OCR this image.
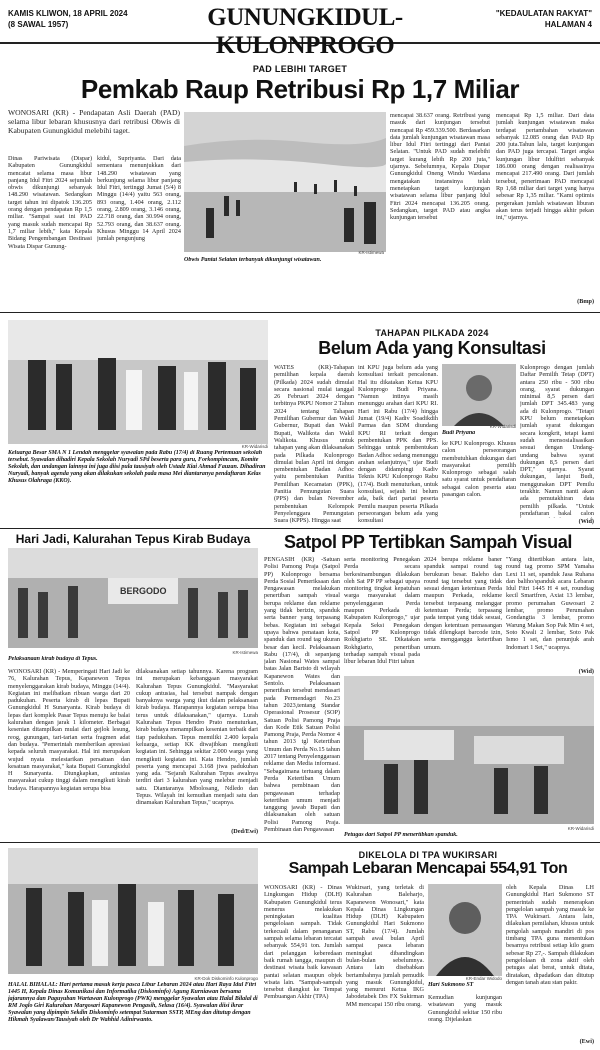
KAMIS KLIWON, 18 APRIL 2024
(8 SAWAL 1957)	GUNUNGKIDUL-KULONPROGO
"KEDAULATAN RAKYAT"
HALAMAN 4
PAD LEBIHI TARGET
Pemkab Raup Retribusi Rp 1,7 Miliar
WONOSARI (KR) - Pendapatan Asli Daerah (PAD) selama libur lebaran khususnya dari retribusi Obwis di Kabupaten Gunungkidul melebihi taget.
Dinas Pariwisata (Dispar) Kabupaten Gunungkidul mencatat selama masa libur panjang Idul Fitri 2024 sejumlah obwis dikunjungi sebanyak 148.290 wisatawan. Sedangkan target tahun ini dipatok 136.205 orang dengan pendapatan Rp 1,5 miliar. "Sampai saat ini PAD yang masuk sudah mencapai Rp 1,7 miliar lebih," kata Kepala Bidang Pengembangan Destinasi Wisata Dispar Gunung-
kidul, Supriyanta. Dari data sementara menunjukkan dari 148.290 wisatawan yang berkunjung selama libur panjang Idul Fitri, tertinggi Jumat (5/4) 8 Minggu (14/4) yaitu 563 orang, 893 orang, 1.404 orang, 2.112 orang, 2.809 orang, 3.146 orang, 22.718 orang, dan 30.994 orang, 52.793 orang, dan 38.637 orang. Khusus Minggu 14 April 2024 jumlah pengunjung
Obwis Pantai Selatan terbanyak dikunjungi wisatawan.
KR-Istimewa
mencapai 38.637 orang. Retribusi yang masuk dari kunjungan tersebut mencapai Rp 459.339.500. Berdasarkan data jumlah kunjungan wisatawan masa libur Idul Fitri tertinggi dari Pantai Selatan. "Untuk PAD sudah melebihi target kurang lebih Rp 200 juta," ujarnya. Sebelumnya, Kepala Dispar Gunungkidul Oneng Windu Wardana mengatakan instansinya telah menetapkan target kunjungan wisatawan selama libur panjang Idul Fitri 2024 mencapai 136.205 orang. Sedangkan, target PAD atau angka kunjungan tersebut
mencapai Rp 1,5 miliar. Dari data jumlah kunjungan wisatawan maka terdapat pertambahan wisatawan sebanyak 12.085 orang dan PAD Rp 200 juta.Tahun lalu, target kunjungan dan PAD juga tercapai. Target angka kunjungan libur Idulfitri sebanyak 186.000 orang dengan realisasinya mencapai 217.490 orang. Dari jumlah tersebut, penerimaan PAD mencapai Rp 1,68 miliar dari target yang hanya sebesar Rp 1,35 miliar. "Kami optimis pergerakan jumlah wisatawan liburan akan terus terjadi hingga akhir pekan ini," ujarnya.
(Bmp)
KR-Widarisdi
Keluarga Besar SMA N 1 Lendah menggelar syawalan pada Rabu (17/4) di Ruang Pertemuan sekolah tersebut. Syawalan dihadiri Kepala Sekolah Nuryadi SPd beserta para guru, Forkompimcam, Komite Sekolah, dan undangan lainnya ini juga diisi pula tausiyah oleh Ustadz Kiai Ahmad Fauzan. Dihadiran Nuryadi, banyak agenda yang akan dilakukan sekolah pada masa Mei diantaranya pendaftaran Kelas Khusus Olahraga (KKO).
TAHAPAN PILKADA 2024
Belum Ada yang Konsultasi
WATES (KR)-Tahapan pemilihan kepala daerah (Pilkada) 2024 sudah dimulai secara nasional mulai tanggal 26 Februari 2024 dengan terbitnya PKPU Nomor 2 Tahun 2024 tentang Tahapan Pemilihan Gubernur dan Wakil Gubernur, Bupati dan Wakil Bupati, Walikota dan Wakil Walikota. Khusus untuk tahapan yang akan dilaksanakan pada Pilkada Kulonprogo dimulai bulan April ini dengan pembentukan Badan Adhoc yaitu pembentukan Panitia Pemilihan Kecamatan (PPK), Panitia Pemungutan Suara (PPS) dan bulan November pembentukan Kelompok Penyelenggara Pemungutan Suara (KPPS). Hingga saat
ini KPU juga belum ada yang konsultasi terkait pencalonan. Hal itu dikatakan Ketua KPU Kulonprogo Budi Priyana. "Namun intinya masih menunggu arahan dari KPU RI. Hari ini Rabu (17/4) hingga Jumat (19/4) Kadiv Soadikdih Parmas dan SDM diundang KPU RI terkait dengan pembentukan PPK dan PPS. Sehingga untuk pembentukan Badan Adhoc sedang menunggu arahan selanjutnya," ujar Budi dengan didampingi Kadiv Teknis KPU Kulonprogo Rabu (17/4). Budi menuturkan, untuk konsultasi, sejauh ini belum ada, baik dari partai peserta Pemilu maupun peserta Pilkada perseorangan belum ada yang konsultasi
Budi Priyana
KR-Widarisdi
ke KPU Kulonprogo. Khusus calon perseorangan membutuhkan dukungan dari masyarakat pemilih Kulonprogo sebagai salah satu syarat untuk pendaftaran sebagai calon peserta atau pasangan calon.
Kulonprogo dengan jumlah Daftar Pemilih Tetap (DPT) antara 250 ribu - 500 ribu orang, syarat dukungan minimal 8,5 persen dari jumlah DPT 345.483 yang ada di Kulonprogo. "Tetapi KPU belum menetapkan jumlah syarat dukungan secara kongkrit, tetapi kami sudah mensosialisasikan sesuai dengan Undang-undang bahwa syarat dukungan 8,5 persen dari DPT," ujarnya. Syarat dukungan, lanjut Budi, menggunakan DPT Pemilu terakhir. Namun nanti akan ada pemutakhiran data pemilih pilkada. "Untuk pendaftaran bakal calon
(Wid)
Hari Jadi, Kalurahan Tepus Kirab Budaya
BERGODO
KR-Istimewa
Pelaksanaan kirab budaya di Tepus.
WONOSARI (KR) - Memperingati Hari Jadi ke 76, Kalurahan Tepus, Kapanewon Tepus menyelenggarakan kirab budaya, Minggu (14/4). Kegiatan ini melibatkan ribuan warga dari 20 padukuhan. Peserta kirab di lepas Bupati Gunungkidul H Sunaryanta. Kirab budaya di lepas dari komplek Pasar Tepus menuju ke balai kalurahan dengan jarak 1 kilometer. Berbagai kesenian ditampilkan mulai dari gejlok lesung, reog, gunungan, tari-tarian serta fragmen adat dan budaya. "Pemerintah memberikan apresiasi kepada seluruh masyarakat. Hal ini merupakan wujud nyata melestarikan persatuan dan kesatuan masyarakat," kata Bupati Gunungkidul H Sunaryanta. Diungkapkan, antusias masyarakat cukup tinggi dalam mengikuti kirab budaya. Harapannya kegiatan serupa bisa
dilaksanakan setiap tahunnya. Karena program ini merupakan kebanggaan masyarakat Kalurahan Tepus Gunungkidul. "Masyarakat cukup antusias, hal tersebut nampak dengan banyaknya warga yang ikut dalam pelaksanaan kirab budaya. Harapannya kegiatan serupa bisa terus untuk dilaksanakan," ujarnya. Lurah Kalurahan Tepus Hendro Prato menuturkan, kirab budaya menampilkan kesenian terbaik dari tiap padukuhan. Tepus memiliki 2.400 kepala keluarga, setiap KK diwajibkan mengikuti kegiatan ini. Sehingga sekitar 2.000 warga yang mengikuti kegiatan ini. Kata Hendro, jumlah peserta yang mencapai 3.168 jiwa padukuhan yang ada. "Sejarah Kalurahan Tepus awalnya terdiri dari 3 kalurahan yang melebur menjadi satu. Diantaranya Mbolosang, Ndledo dan Tepus. Wilayah ini kemudian menjadi satu dan dinamakan Kalurahan Tepus," ucapnya.
(Ded/Ewi)
Satpol PP Tertibkan Sampah Visual
PENGASIH (KR) -Satuan Polisi Pamong Praja (Satpol PP) Kulonprogo bersama Perda Sosial Pemeriksaan dan Pengawasan melakukan penertiban sampah visual berupa reklame dan reklame yang tidak berizin, spanduk serta banner yang terpasang bebas. Kegiatan ini sebagai upaya bahwa penataan kota, spanduk dan round tag ukuran besar dan kecil. Pelaksanaan Rabu (17/4), di sepanjang jalan Nasional Wates sampai batas Jalan Baristo di wilayah Kapanewon Wates dan Sentolo. Pelaksanaan penertiban tersebut mendasari pada Permendagri No.23 tahun 2023,tentang Standar Operasional Prosesur (SOP) Satuan Polisi Pamong Praja dan Kode Etik Satuan Polisi Pamong Praja, Perda Nomor 4 tahun 2013 tgl Ketertiban Umum dan Perda No.15 tahun 2017 tentang Penyelenggaraan reklame dan Media informasi. "Sebagaimana tertuang dalam Perda Ketertiban Umum bahwa pembinaan dan pengawasan terhadap ketertiban umum menjadi tanggung jawab Bupati dan dilaksanakan oleh satuan Polisi Pamong Praja. Pembinaan dan Pengawasan
serta monitoring Penegakan Perda secara berkesinambungan dilakukan oleh Sat PP PP sebagai upaya monitoring tingkat kepatuhan warga masyarakat dalam penyelenggaran Perda maupun Perkada di Kabupaten Kulonprogo," ujar Kepala Seksi Penegakan Satpol PP Kulonprogo Rokhgiarto SE. Dikatakan Rokhgiarto, penertiban terhadap sampah visual pada libur lebaran Idul Fitri tahun
2024 berupa reklame baner spanduk sampai round tag berukuran besar. Baleho dan round tag tersebut yang tidak sesuai dengan ketentuan Perda maupun Perkada, reklame tersebut terpasang melanggar ketentuan Perda; terpasang pada tempat yang tidak sesuai, dengan ketentuan pemasangan tidak dilengkapi barcode izin, serta mengganggu ketertiban umum.
"Yang ditertibkan antara lain, round tag promo SPM Yamaha Lexi 11 set, spanduk Jasa Ruhana dan baliho/spanduk acara Lebaran Idul Fitri 1445 H 4 set, roundtag kecil Smartfren, Axiat 13 lembar, promo perumahan Guwosari 2 lembar, promo Perumahan Gondangtia 3 lembar, promo Warung Makan Sop Pak Min 4 set, Soto Kwali 2 lembar, Soto Pak Ismo 1 set, dan penunjuk arah Indomart 1 Set," ucapnya.
(Wid)
KR-Widarisdi
Petugas dari Satpol PP menertibkan spanduk.
KR-Dok Diskominfo Kulonprogo
HALAL BIHALAL: Hari pertama masuk kerja pasca Libur Lebaran 2024 atau Hari Raya Idul Fitri 1445 H, Kepala Dinas Komunikasi dan Informatika (Diskominfo) Agung Kurniawan bersama jajarannya dan Paguyuban Wartawan Kulonprogo (PWK) menggelar Syawalan atau Halal Bilalal di RM Joglo Giri Kalurahan Margosari Kapanewon Pengasih, Selasa (16/4). Syawalan diisi ikrar Syawalan yang dipimpin Sekdin Diskominfo setempat Sutarman SSTP, MEng dan ditutup dengan Hikmah Syalawan/Tausiyah oleh Dr Wahhid Adinirwanto.
DIKELOLA DI TPA WUKIRSARI
Sampah Lebaran Mencapai 554,91 Ton
WONOSARI (KR) - Dinas Lingkungan Hidup (DLH) Kabupaten Gunungkidul terus menerus melakukan peningkatan kualitas pengelolaan sampah. Tidak terkecuali dalam penanganan sampah selama lebaran tercatat sebanyak 554,91 ton. Jumlah dari pelanggan keberedaan baik rumah tangga, maupun di destinasi wisata baik kawasan pantai selatan maupun objek wisata lain. "Sampah-sampah tersebut diangkut ke Tempat Pembuangan Akhir (TPA)
Wukirsari, yang terletak di Kalurahan Baleharjo, Kapanewon Wonosari," kata Kepala Dinas Lingkungan Hidup (DLH) Kabupaten Gunungkidul Hari Sukmono ST, Rabu (17/4). Jumlah sampah awal bulan April sampai pasca lebaran meningkat dibandingkan bulan-bulan sebelumnya. Antara lain disebabkan bertambahnya jumlah pemudik yang masuk Gunungkidul, yang menurut Ketua IKG Jabodetabek Drs FX Sukirman MM mencapai 150 ribu orang.
KR-Endar Widodo
Hari Sukmono ST
Kemudian kunjungan wisatawan yang masuk Gunungkidul sekitar 150 ribu orang. Dijelaskan
oleh Kepala Dinas LH Gunungkidul Hari Sukmono ST pemerintah sudah menerapkan pengelolan sampah yang masuk ke TPA Wukirsari. Antara lain, dilakukan pemilahan, khusus untuk pengolah sampah mandiri di pos timbang TPA guna menentukan besarnya retribusi setiap kilo gram sebesar Rp 27,-. Sampah dilakukan pengelolaan di zona aktif oleh petugas alat berat, untuk ditata, diratakan, dipadatkan dan ditutup dengan tanah atau stan pakir.
(Ewi)
